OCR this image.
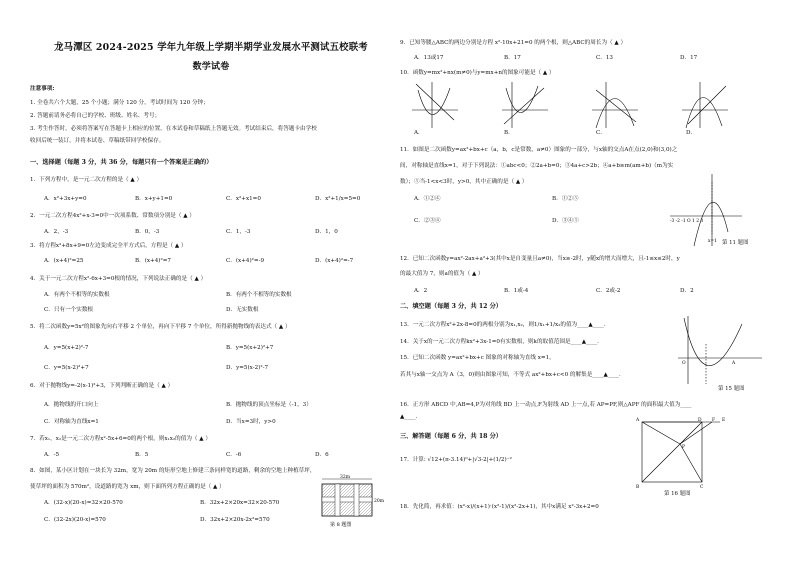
龙马潭区 2024-2025 学年九年级上学期半期学业发展水平测试五校联考
数学试卷
注意事项:
1. 全卷共六个大题，25 个小题；满分 120 分，考试时间为 120 分钟；
2. 答题前请务必将自己的学校、班级、姓名、考号；
3. 考生作答时，必须将答案写在答题卡上相应的位置，在本试卷和草稿纸上答题无效。考试结束后，将答题卡由学校
收回后统一装订，并将本试卷、草稿纸带回学校保存。
一、选择题（每题 3 分，共 36 分，每题只有一个答案是正确的）
1．下列方程中，是一元二次方程的是（ ▲ ）
A．x²+3x+y=0	B．x+y+1=0	C．x²+x1=0	D．x²+1/x=5=0
2．一元二次方程4x²+x-3=0中一次项系数、常数项分别是（ ▲ ）
A．2，-3	B．0，-3	C．1，-3	D．1，0
3．将方程x²+8x+9=0左边变成完全平方式后，方程是（ ▲ ）
A．(x+4)²=25	B．(x+4)²=7	C．(x+4)²=-9	D．(x+4)²=-7
4．关于一元二次方程x²-6x+3=0根的情况，下列说法正确的是（ ▲ ）
A．有两个不相等的实数根	B．有两个不相等的实数根
C．只有一个实数根	D．无实数根
5．将二次函数y=5x²的图象先向右平移 2 个单位，再向下平移 7 个单位，所得新抛物线的表达式（ ▲ ）
A．y=5(x+2)²-7	B．y=5(x+2)²+7
C．y=5(x-2)²+7	D．y=5(x-2)²-7
6．对于抛物线y=-2(x-1)²+3，下列判断正确的是（ ▲ ）
A．抛物线的开口向上	B．抛物线的顶点坐标是（-1，3）
C．对称轴为直线x=1	D．当x=3时，y>0
7．若x₁，x₂是一元二次方程x²-5x+6=0的两个根，则x₁x₂的值为（ ▲ ）
A．-5	B．5	C．-6	D．6
8．如图，某小区计划在一块长为 32m，宽为 20m 的矩形空地上修建三条同样宽的道路，剩余的空地上种植草坪，
使草坪的面积为 570m²，设道路的宽为 xm，则下面所列方程正确的是（ ▲ ）
A．(32-x)(20-x)=32×20-570	B．32x+2×20x=32×20-570
C．(32-2x)(20-x)=570	D．32x+2×20x-2x²=570
32m
20m
第 8 题图
9．已知等腰△ABC的两边分别是方程 x²-10x+21=0 的两个根，则△ABC的周长为（ ▲ ）
A．13或17	B．17	C．13	D．17
10．函数y=mx²+nx(m≠0)与y=mx+n的图象可能是（ ▲ ）
A．	B．	C．	D．
11．如图是二次函数y=ax²+bx+c（a，b，c是常数，a≠0）图象的一部分，与x轴的交点A在点(2,0)和(3,0)之
间，对称轴是直线x=1，对于下列说法：①abc<0；②2a+b=0；③4a+c>2b；④a+b≥m(am+b)（m为实
数）；⑤当-1<x<3时，y>0，其中正确的是（ ▲ ）
A．①②④	B．①②⑤
C．②③④	D．③④⑤	-3 -2 -1 O 1 2 3
x=1 第 11 题图
12．已知二次函数y=ax²-2ax+a²+3(其中x是自变量且a≠0)，当x≥-2时，y随x的增大而增大，且-1≤x≤2时，y
的最大值为 7，则a的值为（ ▲ ）
A．2	B．1或-4	C．2或-2	D．2
二、填空题（每题 3 分，共 12 分）
13．一元二次方程x²+2x-8=0的两根分别为x₁,x₂，则1/x₁+1/x₂的值为____▲____．
14．关于x的一元二次方程kx²+3x-1=0有实数根，则k的取值范围是____▲____．
15．已知二次函数 y=ax²+bx+c 图象的对称轴为直线 x=1，
若其与x轴一交点为 A（3，0)则由图象可知，不等式 ax²+bx+c<0 的解集是____▲____．
O	A
第 15 题图
16．正方形 ABCD 中,AB=4,P为对角线 BD 上一动点,F为射线 AD 上一点,若 AP=PF,则△APF 的面积最大值为____
▲____．
A	D F E
P
B	C
第 16 题图
三、解答题（每题 6 分，共 18 分）
17．计算: √12+(π-3.14)⁰+|√3-2|+(1/2)⁻²
18．先化简，再求值：(x²-x)/(x+1)·(x²-1)/(x²-2x+1)，其中x满足 x²-3x+2=0
